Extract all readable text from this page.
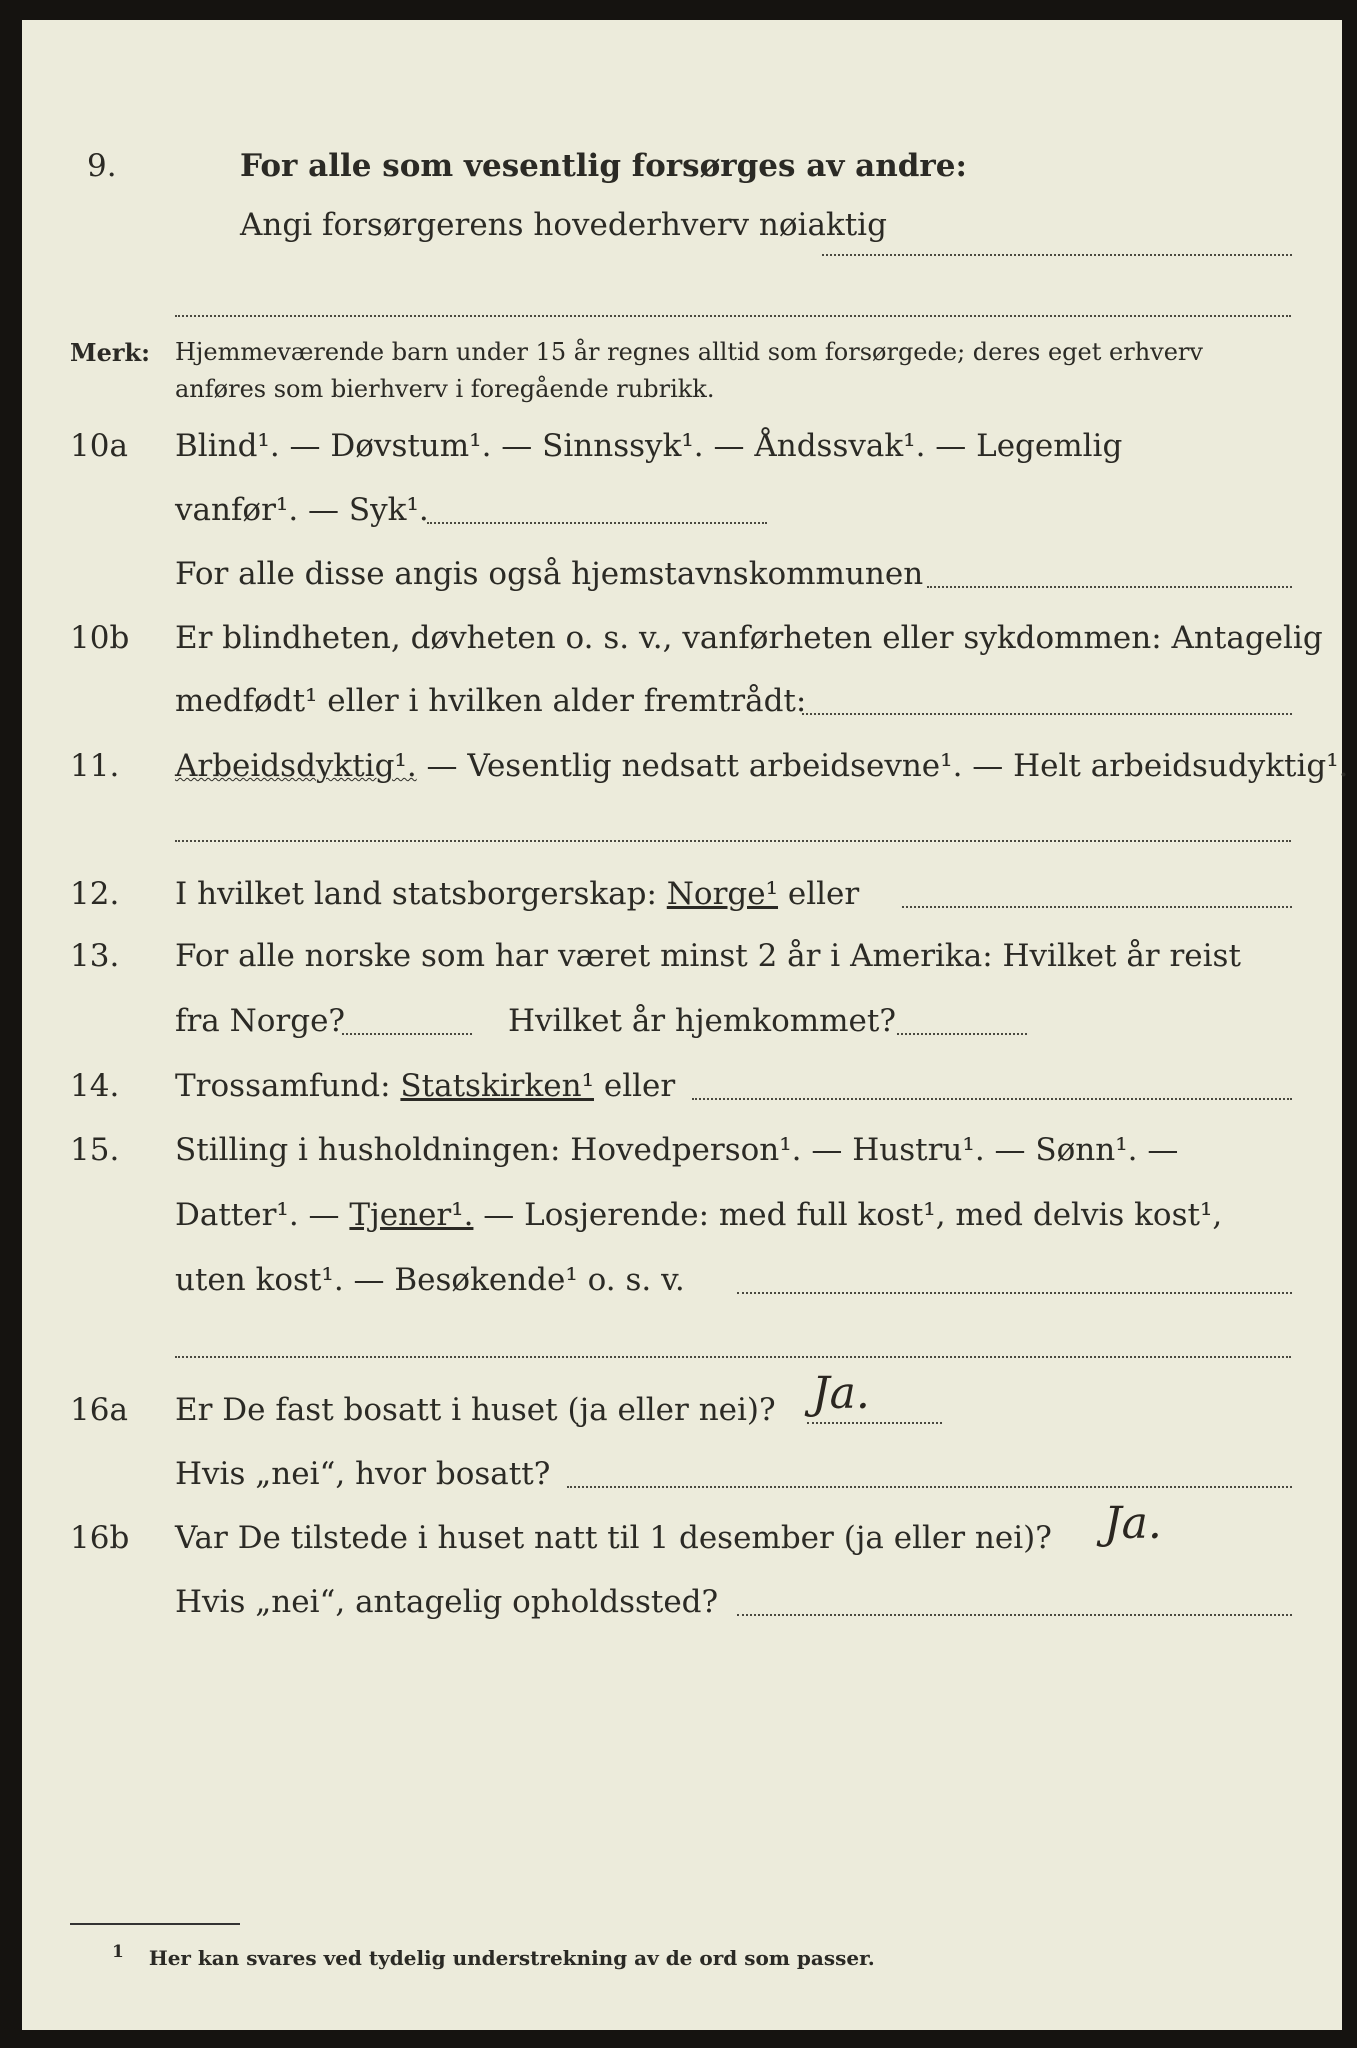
9.	For alle som vesentlig forsørges av andre:
Angi forsørgerens hovederhverv nøiaktig
Merk: Hjemmeværende barn under 15 år regnes alltid som forsørgede; deres eget erhverv
anføres som bierhverv i foregående rubrikk.
10a Blind¹. — Døvstum¹. — Sinnssyk¹. — Åndssvak¹. — Legemlig
vanfør¹. — Syk¹.
For alle disse angis også hjemstavnskommunen
10b Er blindheten, døvheten o. s. v., vanførheten eller sykdommen: Antagelig
medfødt¹ eller i hvilken alder fremtrådt:
11. Arbeidsdyktig¹. — Vesentlig nedsatt arbeidsevne¹. — Helt arbeidsudyktig¹.
12. I hvilket land statsborgerskap: Norge¹ eller
13. For alle norske som har været minst 2 år i Amerika: Hvilket år reist
fra Norge?	Hvilket år hjemkommet?
14. Trossamfund: Statskirken¹ eller
15. Stilling i husholdningen: Hovedperson¹. — Hustru¹. — Sønn¹. —
Datter¹. — Tjener¹. — Losjerende: med full kost¹, med delvis kost¹,
uten kost¹. — Besøkende¹ o. s. v.
16a Er De fast bosatt i huset (ja eller nei)? Ja.
Hvis „nei“, hvor bosatt?
16b Var De tilstede i huset natt til 1 desember (ja eller nei)? Ja.
Hvis „nei“, antagelig opholdssted?
$^1$ Her kan svares ved tydelig understrekning av de ord som passer.
